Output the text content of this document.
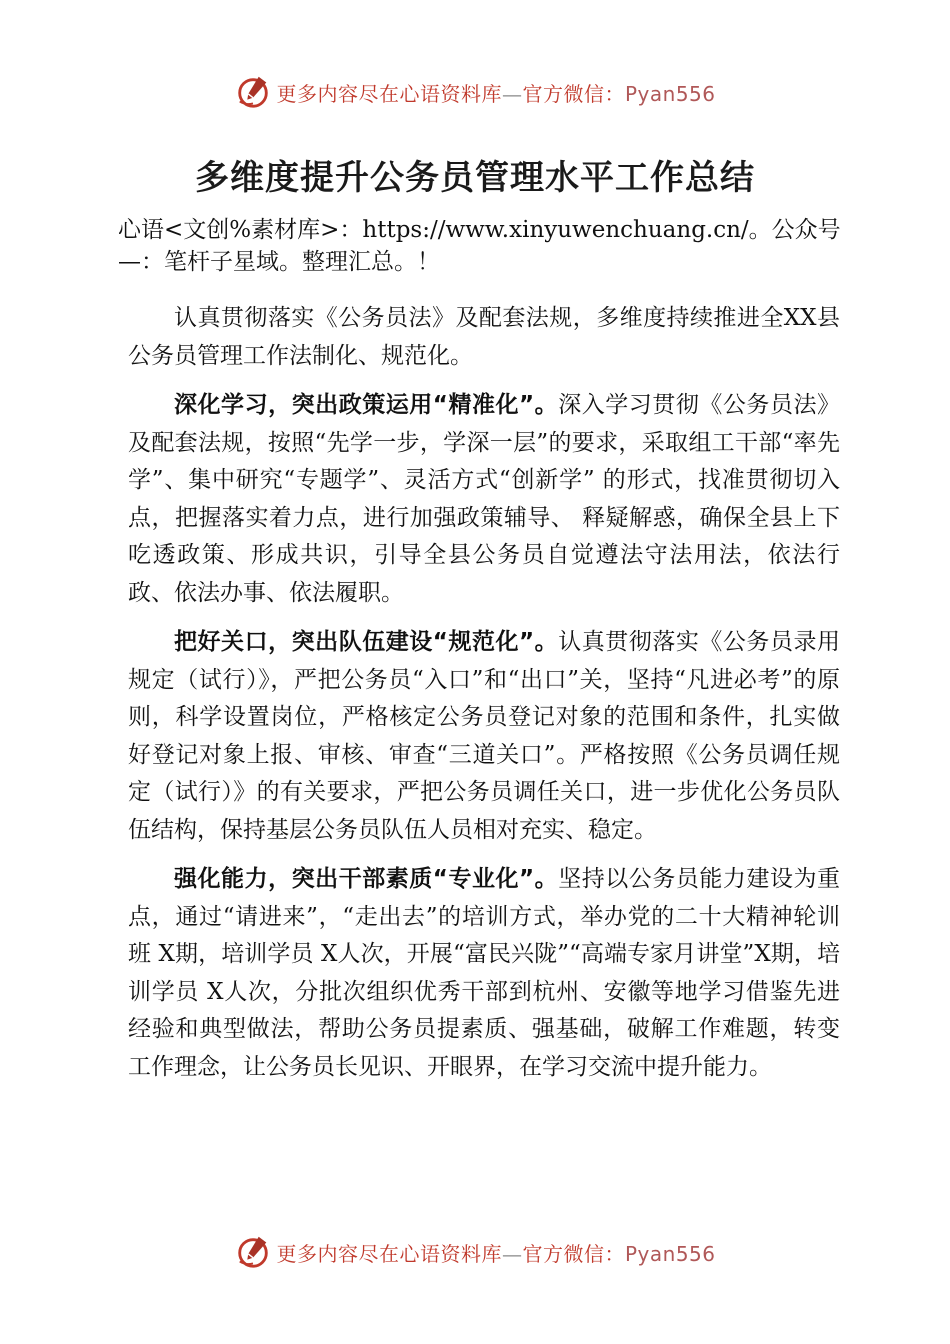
更多内容尽在心语资料库—官方微信：Pyan556
多维度提升公务员管理水平工作总结
心语<文创%素材库>：https://www.xinyuwenchuang.cn/。公众号—：笔杆子星域。整理汇总。！

认真贯彻落实《公务员法》及配套法规，多维度持续推进全XX县公务员管理工作法制化、规范化。

深化学习，突出政策运用“精准化”。深入学习贯彻《公务员法》及配套法规，按照“先学一步，学深一层”的要求，采取组工干部“率先学”、集中研究“专题学”、灵活方式“创新学” 的形式，找准贯彻切入点，把握落实着力点，进行加强政策辅导、 释疑解惑，确保全县上下吃透政策、形成共识，引导全县公务员自觉遵法守法用法，依法行政、依法办事、依法履职。

把好关口，突出队伍建设“规范化”。认真贯彻落实《公务员录用规定（试行）》，严把公务员“入口”和“出口”关，坚持“凡进必考”的原则，科学设置岗位，严格核定公务员登记对象的范围和条件，扎实做好登记对象上报、审核、审查“三道关口”。严格按照《公务员调任规定（试行）》的有关要求，严把公务员调任关口，进一步优化公务员队伍结构，保持基层公务员队伍人员相对充实、稳定。

强化能力，突出干部素质“专业化”。坚持以公务员能力建设为重点，通过“请进来”，“走出去”的培训方式，举办党的二十大精神轮训班 X期，培训学员 X人次，开展“富民兴陇”“高端专家月讲堂”X期，培训学员 X人次，分批次组织优秀干部到杭州、安徽等地学习借鉴先进经验和典型做法，帮助公务员提素质、强基础，破解工作难题，转变工作理念，让公务员长见识、开眼界，在学习交流中提升能力。

更多内容尽在心语资料库—官方微信：Pyan556
